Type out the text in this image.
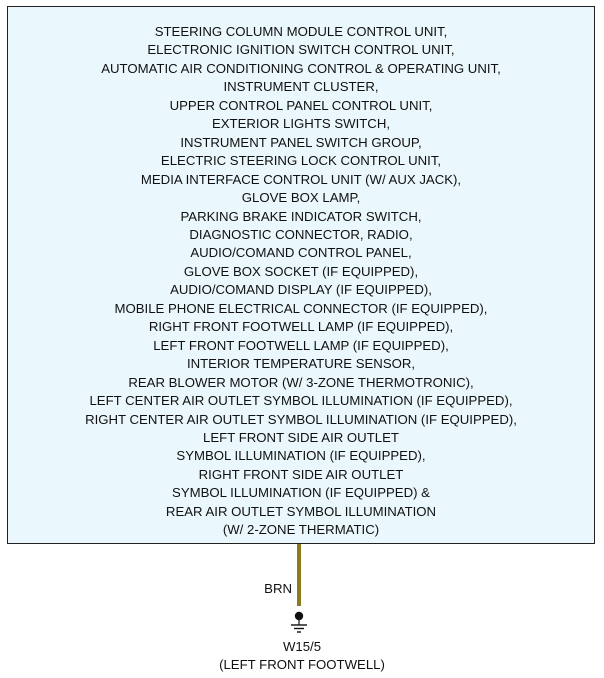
STEERING COLUMN MODULE CONTROL UNIT,
ELECTRONIC IGNITION SWITCH CONTROL UNIT,
AUTOMATIC AIR CONDITIONING CONTROL & OPERATING UNIT,
INSTRUMENT CLUSTER,
UPPER CONTROL PANEL CONTROL UNIT,
EXTERIOR LIGHTS SWITCH,
INSTRUMENT PANEL SWITCH GROUP,
ELECTRIC STEERING LOCK CONTROL UNIT,
MEDIA INTERFACE CONTROL UNIT (W/ AUX JACK),
GLOVE BOX LAMP,
PARKING BRAKE INDICATOR SWITCH,
DIAGNOSTIC CONNECTOR, RADIO,
AUDIO/COMAND CONTROL PANEL,
GLOVE BOX SOCKET (IF EQUIPPED),
AUDIO/COMAND DISPLAY (IF EQUIPPED),
MOBILE PHONE ELECTRICAL CONNECTOR (IF EQUIPPED),
RIGHT FRONT FOOTWELL LAMP (IF EQUIPPED),
LEFT FRONT FOOTWELL LAMP (IF EQUIPPED),
INTERIOR TEMPERATURE SENSOR,
REAR BLOWER MOTOR (W/ 3-ZONE THERMOTRONIC),
LEFT CENTER AIR OUTLET SYMBOL ILLUMINATION (IF EQUIPPED),
RIGHT CENTER AIR OUTLET SYMBOL ILLUMINATION (IF EQUIPPED),
LEFT FRONT SIDE AIR OUTLET
SYMBOL ILLUMINATION (IF EQUIPPED),
RIGHT FRONT SIDE AIR OUTLET
SYMBOL ILLUMINATION (IF EQUIPPED) &
REAR AIR OUTLET SYMBOL ILLUMINATION
(W/ 2-ZONE THERMATIC)
BRN
W15/5
(LEFT FRONT FOOTWELL)
